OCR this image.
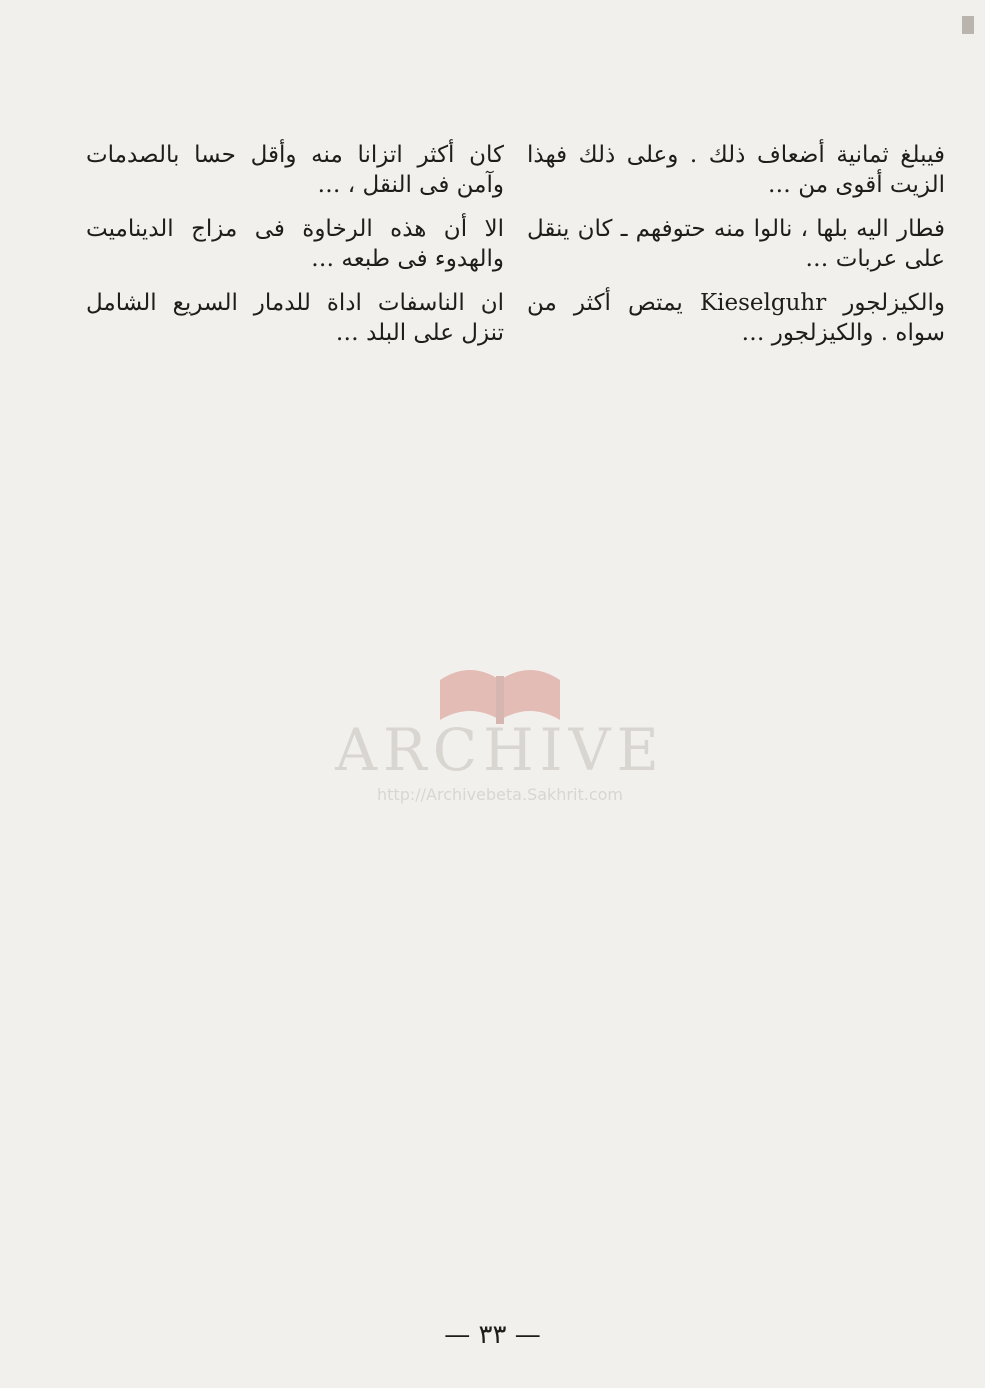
فيبلغ ثمانية أضعاف ذلك . وعلى ذلك فهذا الزيت أقوى من …

فطار اليه بلها ، نالوا منه حتوفهم ـ كان ينقل على عربات …

والكيزلجور Kieselguhr يمتص أكثر من سواه . والكيزلجور …

كان أكثر اتزانا منه وأقل حسا بالصدمات وآمن فى النقل ، …

الا أن هذه الرخاوة فى مزاج الديناميت والهدوء فى طبعه …

ان الناسفات اداة للدمار السريع الشامل تنزل على البلد …

ARCHIVE
http://Archivebeta.Sakhrit.com
— ٣٣ —
